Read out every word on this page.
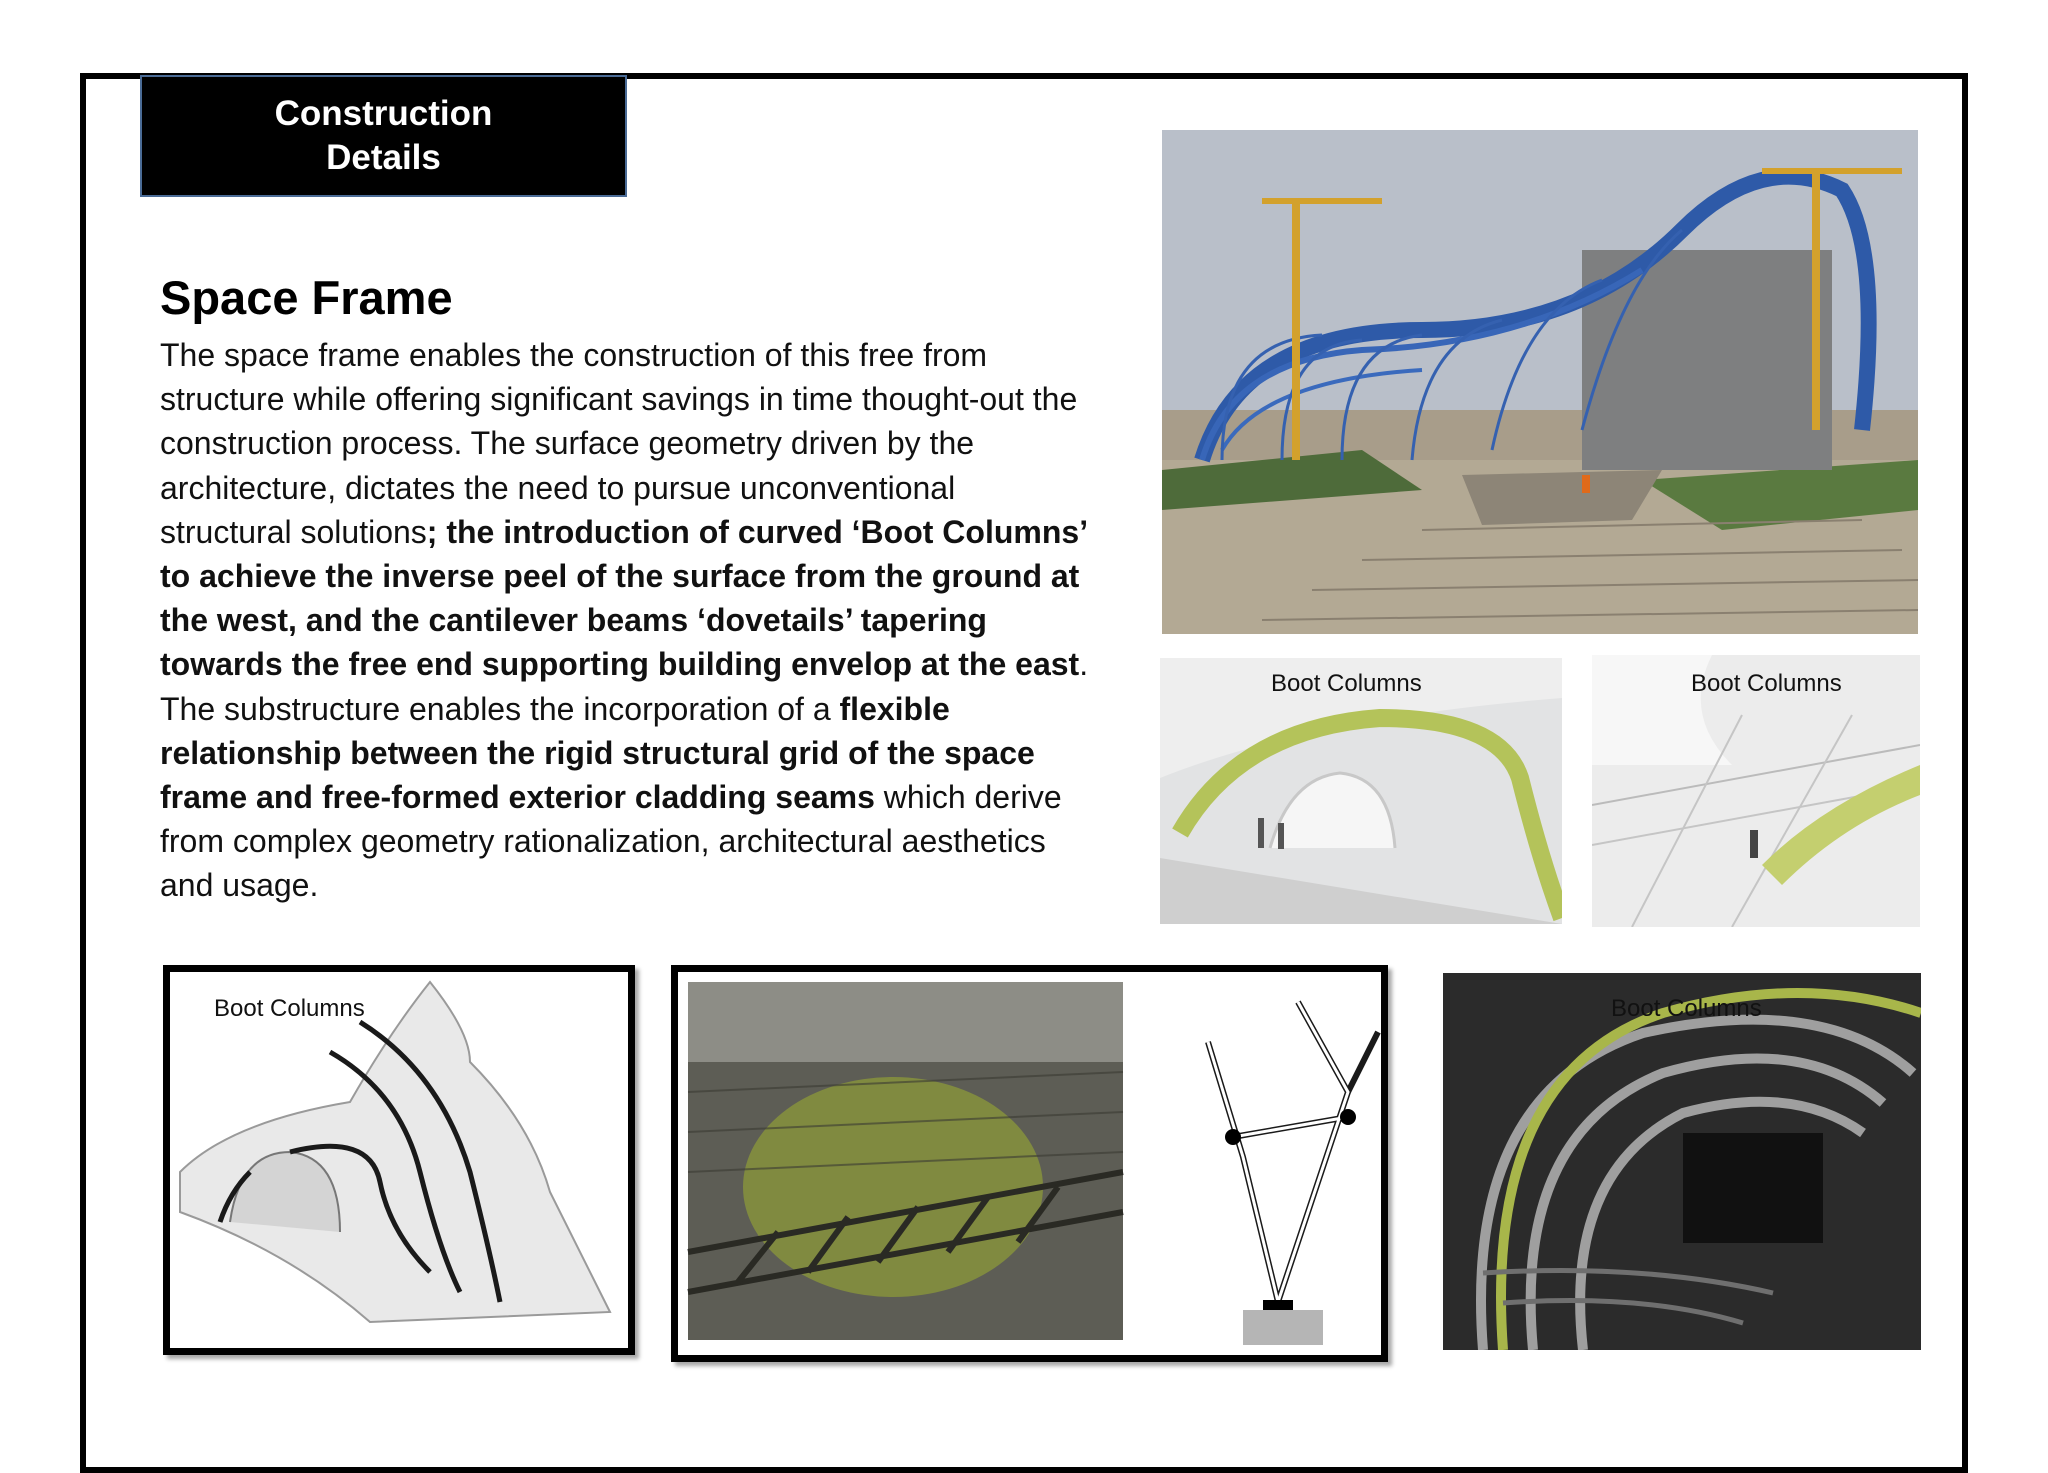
Construction
Details
Space Frame
The space frame enables the construction of this free from structure while offering significant savings in time thought-out the construction process. The surface geometry driven by the architecture, dictates the need to pursue unconventional structural solutions; the introduction of curved ‘Boot Columns’ to achieve the inverse peel of the surface from the ground at the west, and the cantilever beams ‘dovetails’ tapering towards the free end supporting building envelop at the east. The substructure enables the incorporation of a flexible relationship between the rigid structural grid of the space frame and free-formed exterior cladding seams which derive from complex geometry rationalization, architectural aesthetics and usage.
Boot Columns	Boot Columns
Boot Columns	Boot Columns
